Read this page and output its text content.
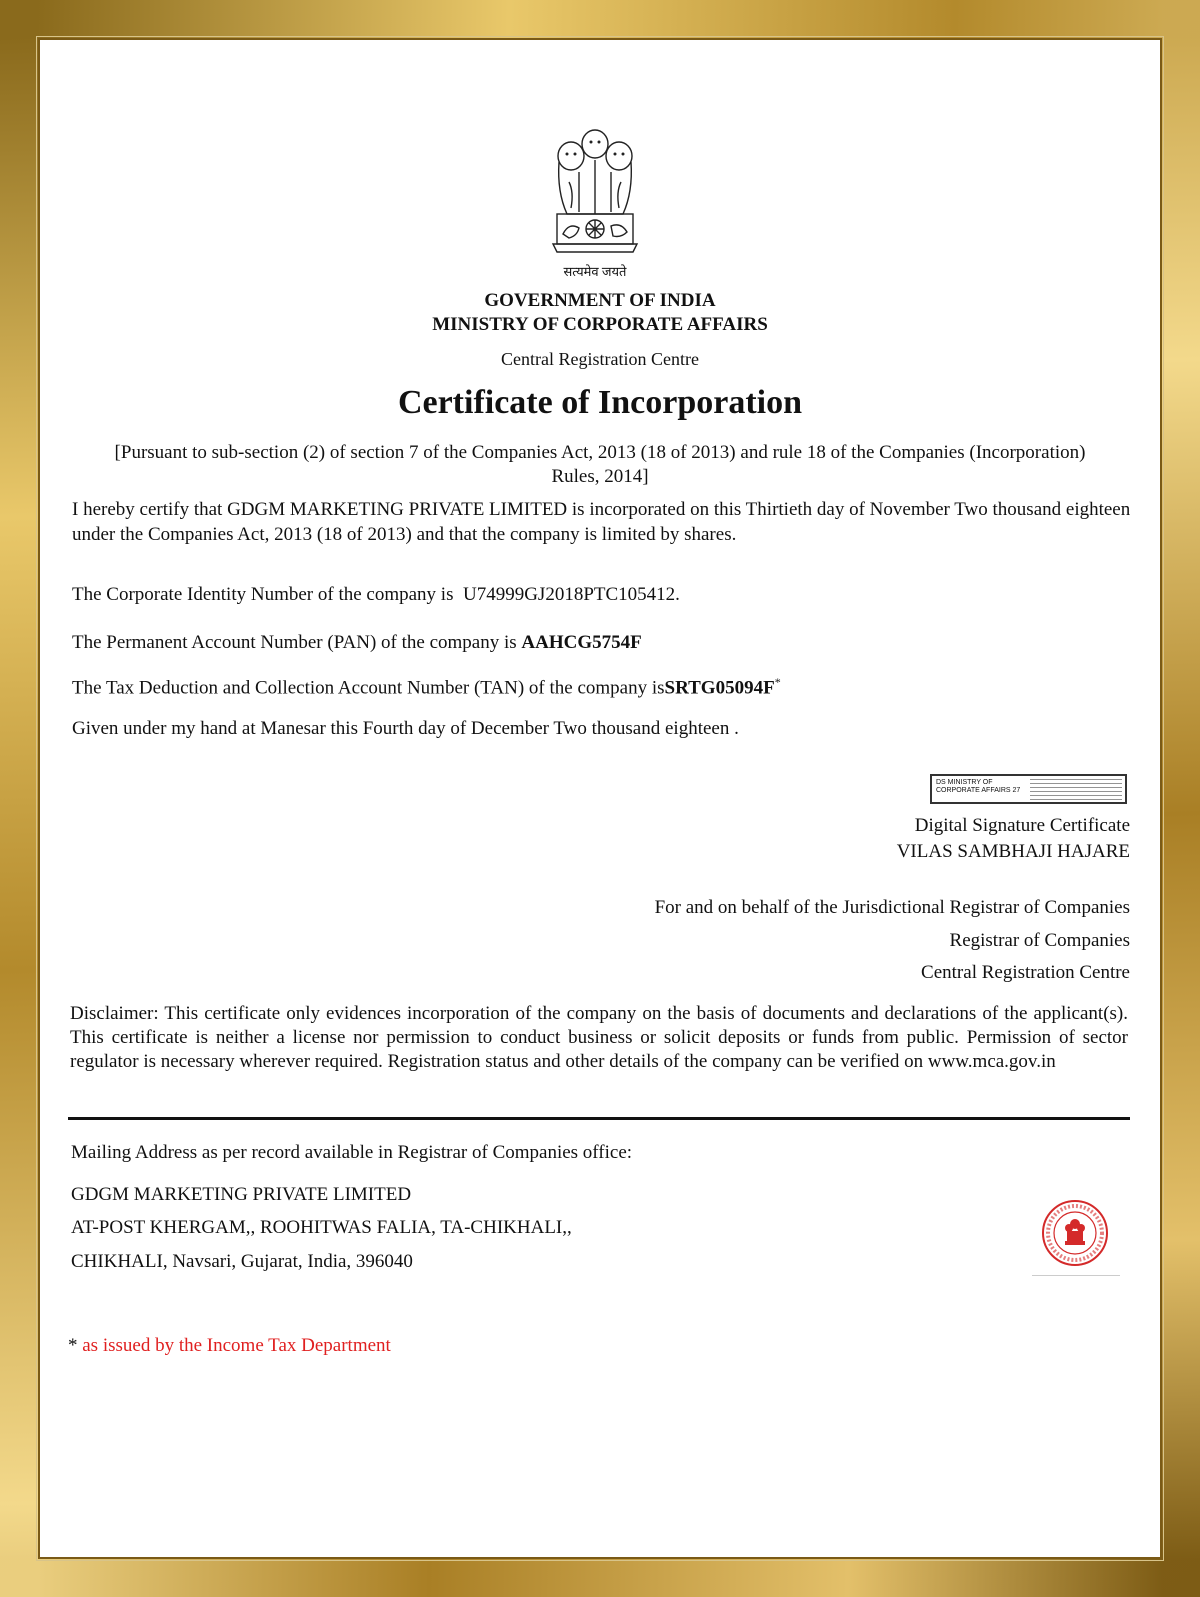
सत्यमेव जयते
GOVERNMENT OF INDIA
MINISTRY OF CORPORATE AFFAIRS
Central Registration Centre
Certificate of Incorporation
[Pursuant to sub-section (2) of section 7 of the Companies Act, 2013 (18 of 2013) and rule 18 of the Companies (Incorporation) Rules, 2014]
I hereby certify that GDGM MARKETING PRIVATE LIMITED is incorporated on this Thirtieth day of November Two thousand eighteen under the Companies Act, 2013 (18 of 2013) and that the company is limited by shares.
The Corporate Identity Number of the company is U74999GJ2018PTC105412.
The Permanent Account Number (PAN) of the company is AAHCG5754F
The Tax Deduction and Collection Account Number (TAN) of the company isSRTG05094F*
Given under my hand at Manesar this Fourth day of December Two thousand eighteen .
DS MINISTRY OF CORPORATE AFFAIRS 27
Digital Signature Certificate
VILAS SAMBHAJI HAJARE
For and on behalf of the Jurisdictional Registrar of Companies
Registrar of Companies
Central Registration Centre
Disclaimer: This certificate only evidences incorporation of the company on the basis of documents and declarations of the applicant(s). This certificate is neither a license nor permission to conduct business or solicit deposits or funds from public. Permission of sector regulator is necessary wherever required. Registration status and other details of the company can be verified on www.mca.gov.in
Mailing Address as per record available in Registrar of Companies office:
GDGM MARKETING PRIVATE LIMITED
AT-POST KHERGAM,, ROOHITWAS FALIA, TA-CHIKHALI,,
CHIKHALI, Navsari, Gujarat, India, 396040
* as issued by the Income Tax Department
